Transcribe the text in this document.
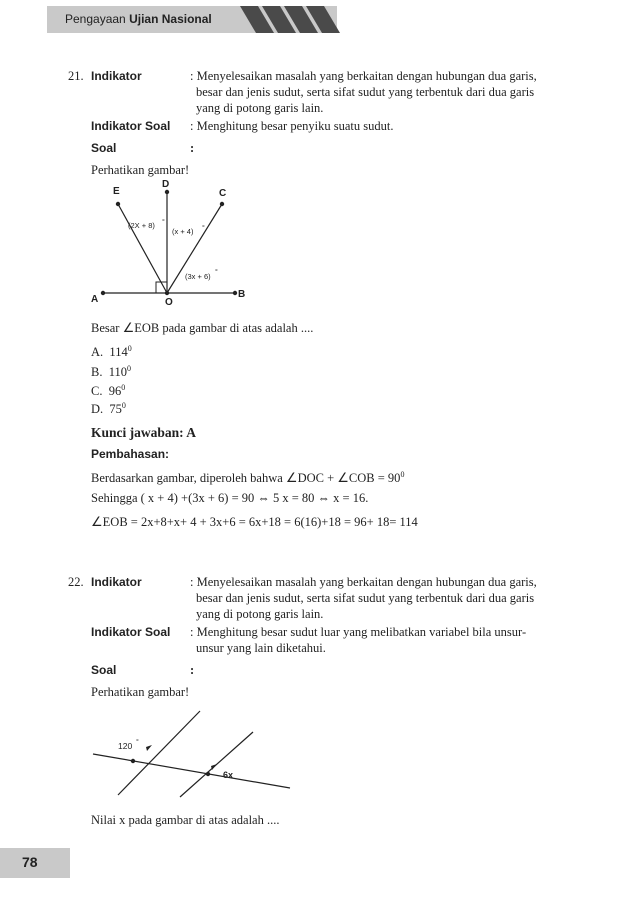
Pengayaan Ujian Nasional
21. Indikator	: Menyelesaikan masalah yang berkaitan dengan hubungan dua garis,
besar dan jenis sudut, serta sifat sudut yang terbentuk dari dua garis
yang di potong garis lain.
Indikator Soal : Menghitung besar penyiku suatu sudut.
Soal	:
Perhatikan gambar!
E
D
C
A	O
B
(2X + 8) °
(x + 4) °
(3x + 6) °
Besar ∠EOB pada gambar di atas adalah ....
A. $114^0$
B. $110^0$
C. $96^0$
D. $75^0$
Kunci jawaban: A
Pembahasan:
Berdasarkan gambar, diperoleh bahwa ∠DOC + ∠COB = $90^0$
Sehingga ( x + 4) +(3x + 6) = 90 ⇔ 5 x = 80 ⇔ x = 16.
∠EOB = 2x+8+x+ 4 + 3x+6 = 6x+18 = 6(16)+18 = 96+ 18= 114
22. Indikator	: Menyelesaikan masalah yang berkaitan dengan hubungan dua garis,
besar dan jenis sudut, serta sifat sudut yang terbentuk dari dua garis
yang di potong garis lain.
Indikator Soal : Menghitung besar sudut luar yang melibatkan variabel bila unsur-
unsur yang lain diketahui.
Soal	:
Perhatikan gambar!
120 °
6x
Nilai x pada gambar di atas adalah ....
78
